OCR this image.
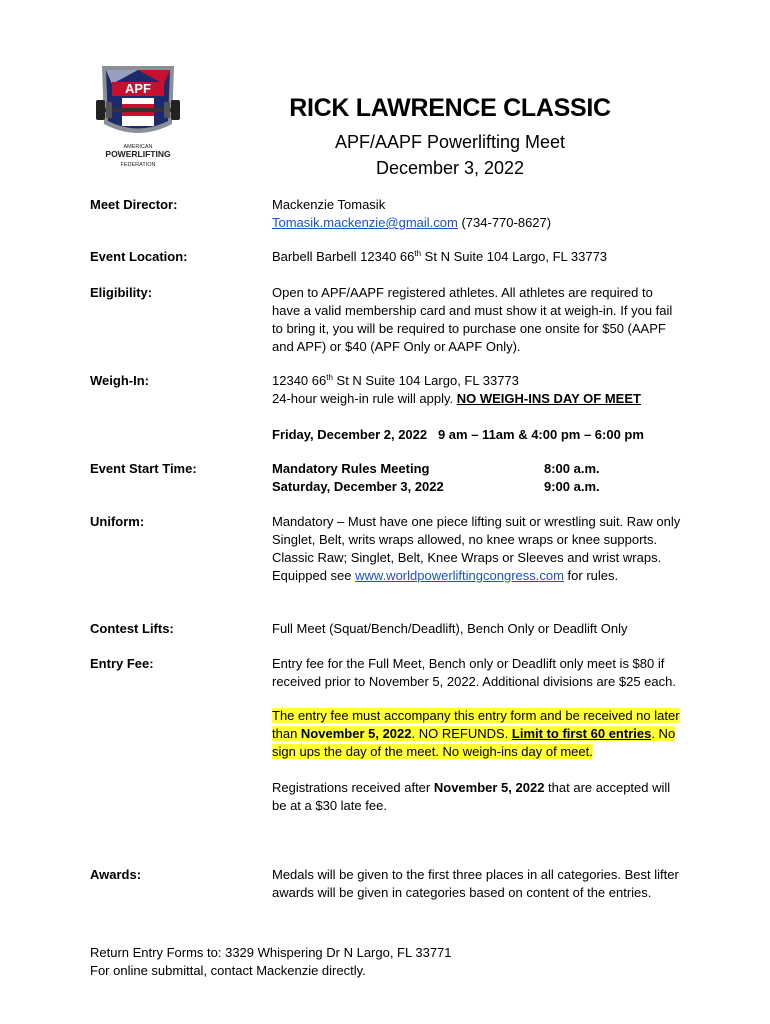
APF
AMERICAN
POWERLIFTING
FEDERATION
RICK LAWRENCE CLASSIC
APF/AAPF Powerlifting Meet
December 3, 2022
Meet Director:	Mackenzie Tomasik
Tomasik.mackenzie@gmail.com (734-770-8627)
Event Location:	Barbell Barbell 12340 66th St N Suite 104 Largo, FL 33773
Eligibility:	Open to APF/AAPF registered athletes. All athletes are required to have a valid membership card and must show it at weigh-in. If you fail to bring it, you will be required to purchase one onsite for $50 (AAPF and APF) or $40 (APF Only or AAPF Only).
Weigh-In:	12340 66th St N Suite 104 Largo, FL 33773
24-hour weigh-in rule will apply. NO WEIGH-INS DAY OF MEET
Friday, December 2, 2022 9 am – 11am & 4:00 pm – 6:00 pm
Event Start Time:	Mandatory Rules Meeting	8:00 a.m.
Saturday, December 3, 2022	9:00 a.m.
Uniform:	Mandatory – Must have one piece lifting suit or wrestling suit. Raw only Singlet, Belt, writs wraps allowed, no knee wraps or knee supports. Classic Raw; Singlet, Belt, Knee Wraps or Sleeves and wrist wraps. Equipped see www.worldpowerliftingcongress.com for rules.
Contest Lifts:	Full Meet (Squat/Bench/Deadlift), Bench Only or Deadlift Only
Entry Fee:	Entry fee for the Full Meet, Bench only or Deadlift only meet is $80 if received prior to November 5, 2022. Additional divisions are $25 each.
The entry fee must accompany this entry form and be received no later than November 5, 2022. NO REFUNDS. Limit to first 60 entries. No sign ups the day of the meet. No weigh-ins day of meet.
Registrations received after November 5, 2022 that are accepted will be at a $30 late fee.
Awards:	Medals will be given to the first three places in all categories. Best lifter awards will be given in categories based on content of the entries.
Return Entry Forms to: 3329 Whispering Dr N Largo, FL 33771
For online submittal, contact Mackenzie directly.
